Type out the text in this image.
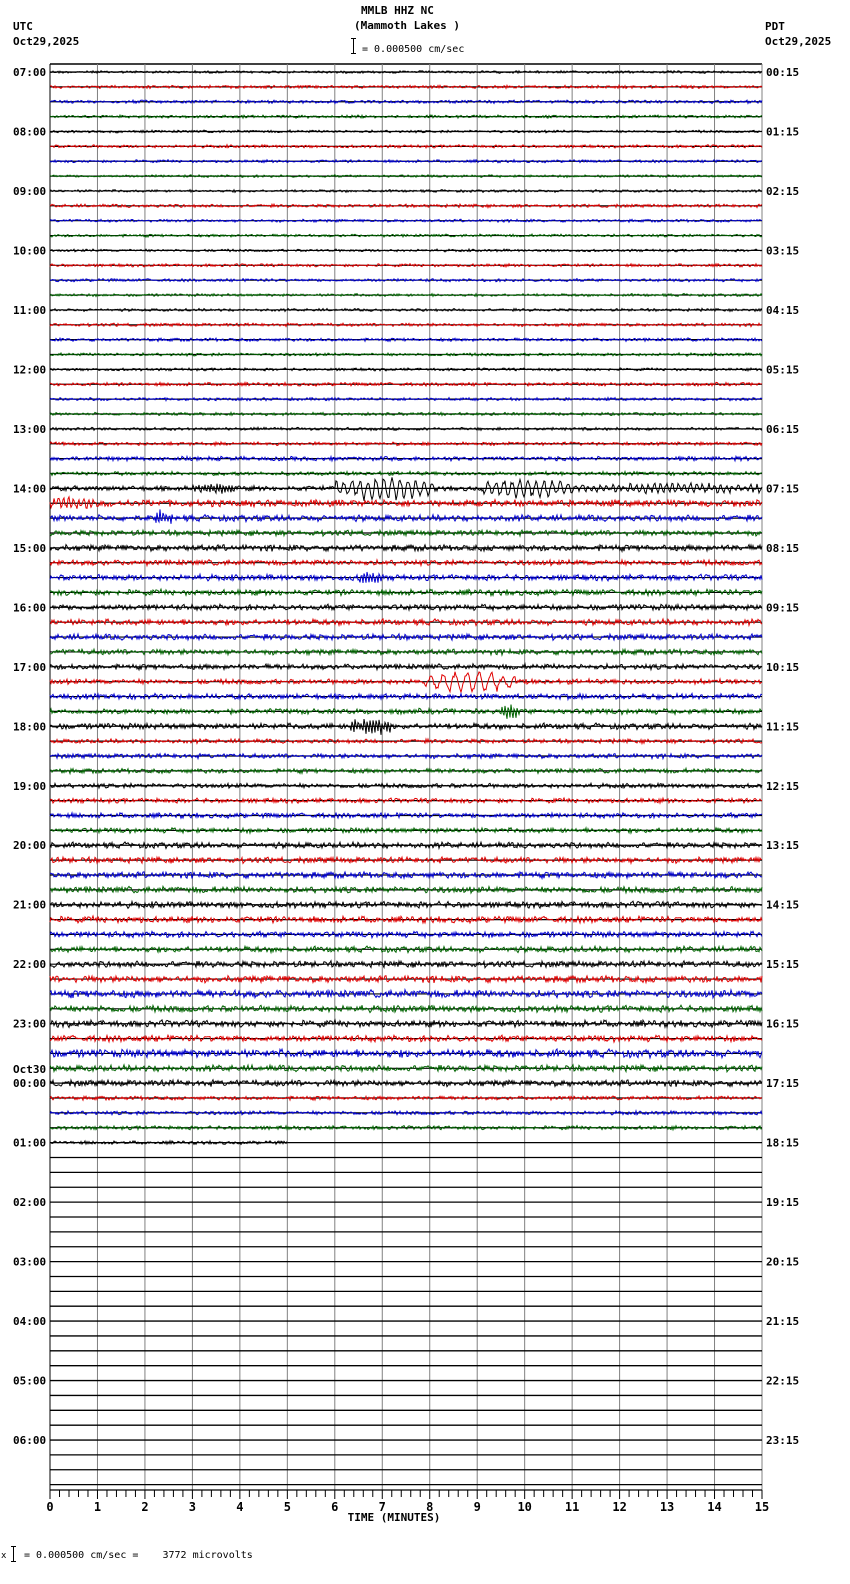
MMLB HHZ NC
(Mammoth Lakes )
UTC
Oct29,2025
PDT
Oct29,2025
= 0.000500 cm/sec
0	1	2	3	4	5	6	7	8	9	10	11	12	13	14	15
TIME (MINUTES)
07:00
08:00
09:00
10:00
11:00
12:00
13:00
14:00
15:00
16:00
17:00
18:00
19:00
20:00
21:00
22:00
23:00
00:00
Oct30
01:00
02:00
03:00
04:00
05:00
06:00
00:15
01:15
02:15
03:15
04:15
05:15
06:15
07:15
08:15
09:15
10:15
11:15
12:15
13:15
14:15
15:15
16:15
17:15
18:15
19:15
20:15
21:15
22:15
23:15
x = 0.000500 cm/sec =    3772 microvolts
